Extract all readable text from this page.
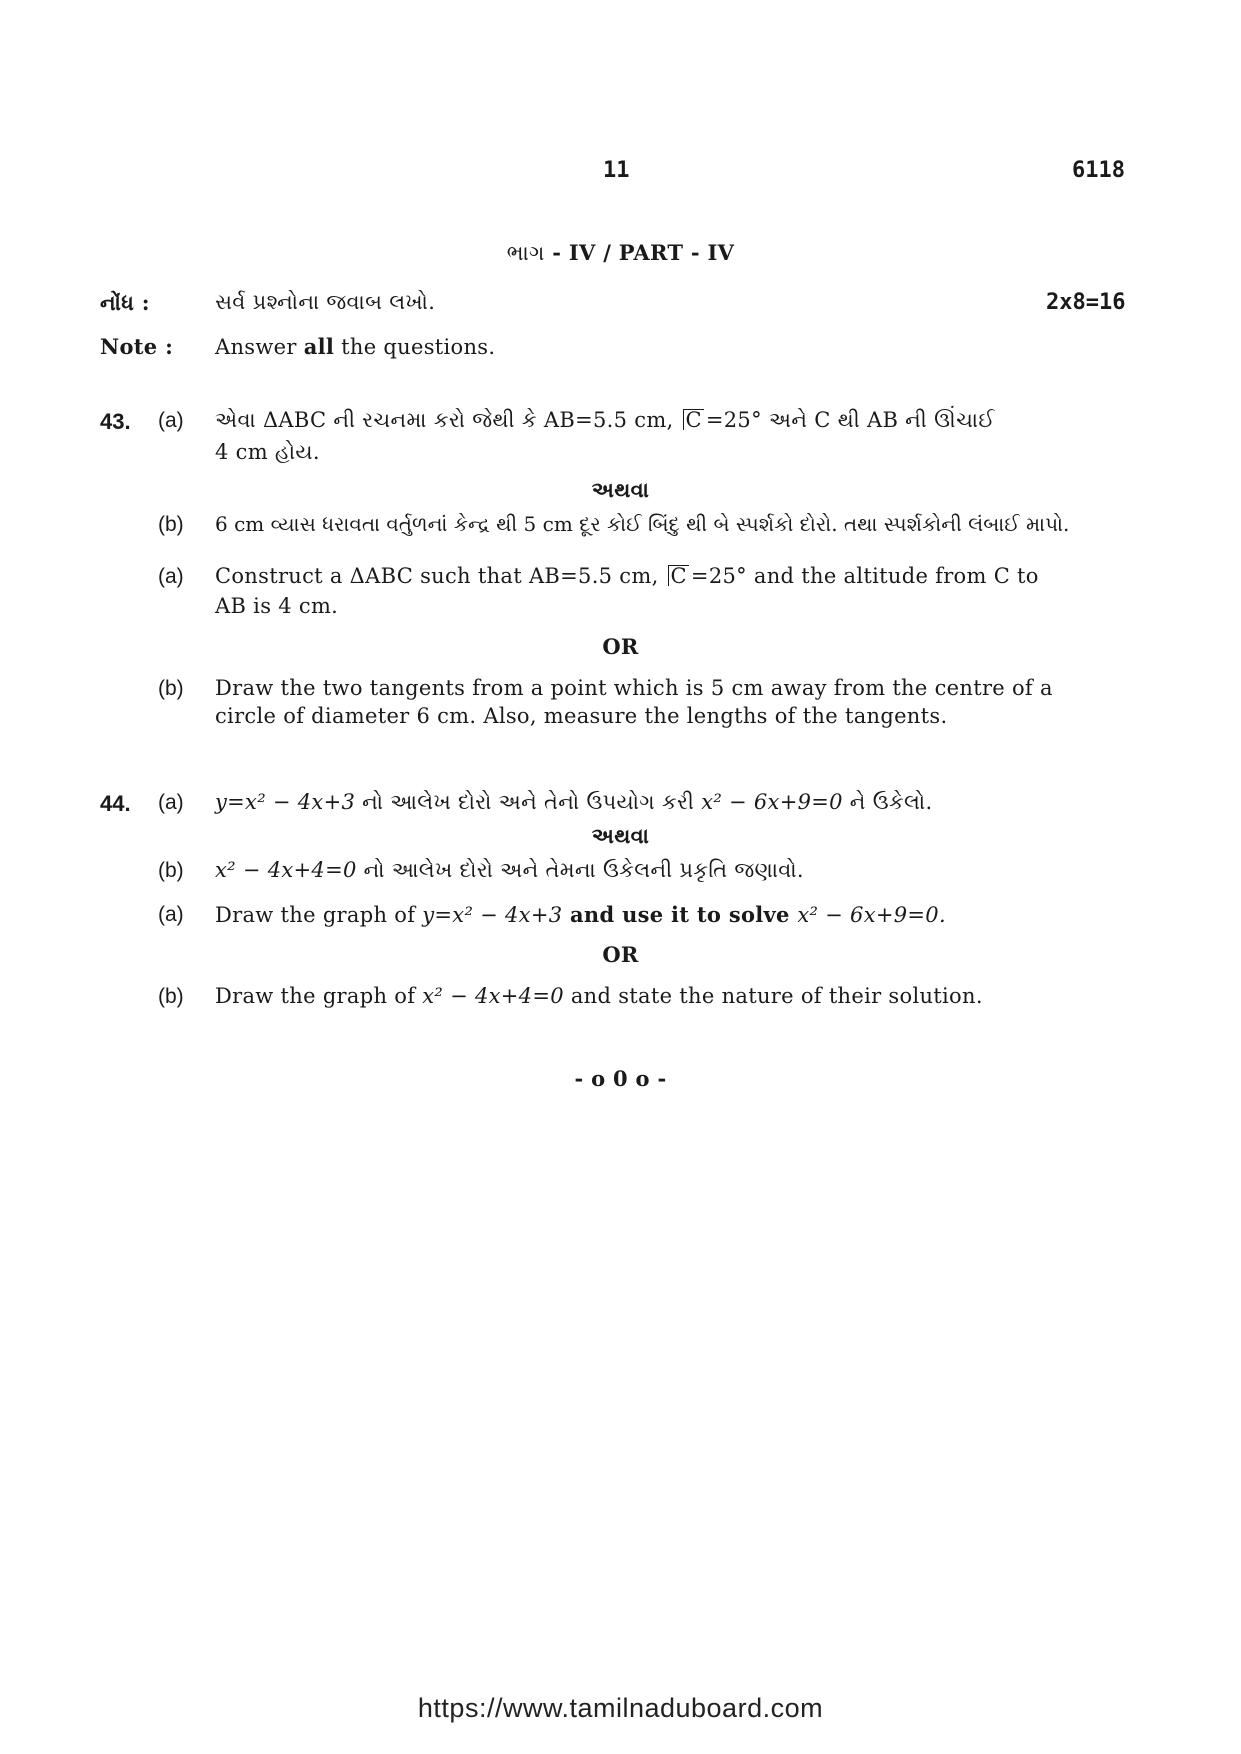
11	6118
ભાગ - IV / PART - IV
નોંધ :	સર્વ પ્રશ્નોના જવાબ લખો.	2x8=16
Note : Answer all the questions.
43. (a) એવા ΔABC ની રચનમા કરો જેથી કે AB=5.5 cm, C =25° અને C થી AB ની ઊંચાઈ
4 cm હોય.
અથવા
(b) 6 cm વ્યાસ ધરાવતા વર્તુળનાં કેન્દ્ર થી 5 cm દૂર કોઈ બિંદુ થી બે સ્પર્શકો દોરો. તથા સ્પર્શકોની લંબાઈ માપો.
(a) Construct a ΔABC such that AB=5.5 cm, C =25° and the altitude from C to
AB is 4 cm.
OR
(b) Draw the two tangents from a point which is 5 cm away from the centre of a
circle of diameter 6 cm. Also, measure the lengths of the tangents.
44. (a) y=x² − 4x+3 નો આલેખ દોરો અને તેનો ઉપયોગ કરી x² − 6x+9=0 ને ઉકેલો.
અથવા
(b) x² − 4x+4=0 નો આલેખ દોરો અને તેમના ઉકેલની પ્રકૃતિ જણાવો.
(a) Draw the graph of y=x² − 4x+3 and use it to solve x² − 6x+9=0.
OR
(b) Draw the graph of x² − 4x+4=0 and state the nature of their solution.
- o 0 o -
https://www.tamilnaduboard.com
